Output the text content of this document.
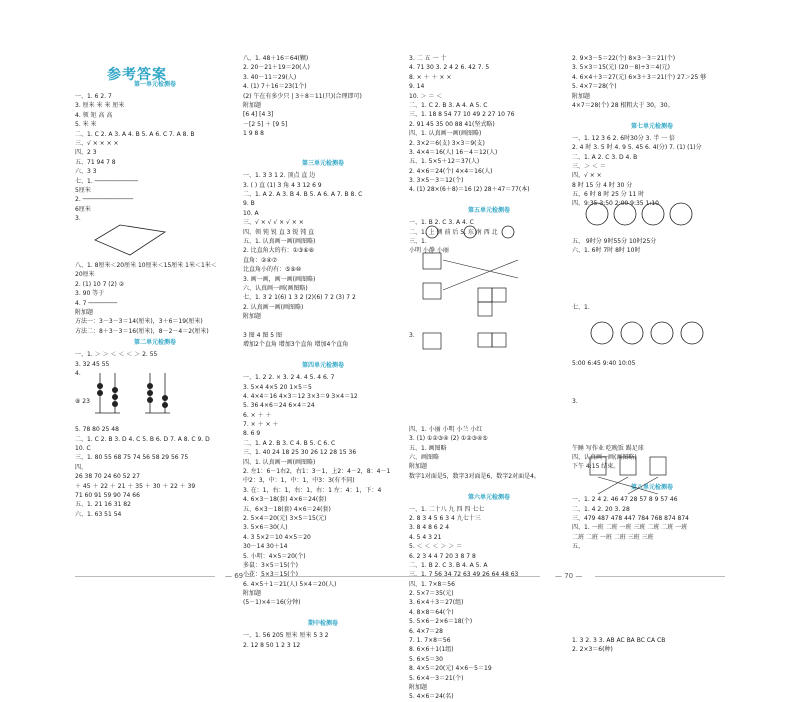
参考答案
第一单元检测卷
一、1. 6 2. 7
3. 厘米 米 米 厘米
4. 领 矩 高 高
5. 米 米
二、1. C 2. A 3. A 4. B 5. A 6. C 7. A 8. B
三、√ × × × ×
四、2 3
五、71 94 7 8
六、3 3
七、1. ────────────
5厘米
2. ──────────────
6厘米
3.
八、1. 8厘米＜20厘米 10厘米＜15厘米 1米＜1米＜
20厘米
2. (1) 10 7 (2) ②
3. 90 等于
4. 7 ────────
附加题
方法一：3－3－3＝14(厘米)，3＋6＝19(厘米)
方法二：8＋3－3＝16(厘米)，8－2－4＝2(厘米)
第二单元检测卷
一、1. ＞ ＞ ＜ ＜ ＜ ＞ 2. 55
3. 32 45 55
4.
⑧ 23
5. 78 80 25 48
二、1. C 2. B 3. D 4. C 5. B 6. D 7. A 8. C 9. D
10. C
三、1. 80 55 68 75 74 56 58 29 56 75
四、
26 38 70 24 60 52 27
＋ 45 ＋ 22 ＋ 21 ＋ 35 ＋ 30 ＋ 22 ＋ 39
71 60 91 59 90 74 66
五、1. 21 16 31 82
六、1. 63 51 54
八、1. 48＋16＝64(颗)
2. 20－21＋19＝20(人)
3. 40－11＝29(人)
4. (1) 7＋16＝23(1个)
(2) 午在有多少只 | 3＋8＝11(只)(合理即可)
附加题
[6 4] [4 3]
－[2 5] ＋ [9 5]
1 9 8 8
第三单元检测卷
一、1. 3 3 1 2. 顶点 直 边
3. ( ) 直 (1) 3 角 4 3 12 6 9
二、1. A 2. A 3. B 4. B 5. A 6. A 7. B 8. C
9. B
10. A
三、√ × √ √ × √ × ×
四、领 钝 锐 直 3 锐 钝 直
五、1. 认真画一画(画图略)
2. 比直角大的有：①③⑥⑧
直角：②④⑦
比直角小的有：⑤⑨⑩
3. 画一画，画一画(画图略)
六、认真画一画(画图略)
七、1. 3 2 1(6) 1 3 2 (2)(6) 7 2 (3) 7 2
2. 认真画一画(画图略)
附加题
3 图 4 图 5 图
增加2个直角 增加3个直角 增加4个直角
第四单元检测卷
一、1. 2 2. × 3. 2 4. 4 5. 4 6. 7
3. 5×4 4×5 20 1×5＝5
4. 4×4＝16 4×3＝12 3×3＝9 3×4＝12
5. 36 4×6＝24 6×4＝24
6. × ＋ ＋
7. × ＋ × ＋
8. 6 9
二、1. A 2. B 3. C 4. B 5. C 6. C
三、1. 40 24 18 25 30 26 12 28 15 36
四、1. 认真画一画(画图略)
2. 左1：6－1右2，右1：3－1，上2：4－2，8：4－1
中2：3，中：1，中：1，中3：3(有不同)
3. 在：1，右：1，右：1，右：1 左：4：1，下：4
4. 6×3－18(套) 4×6＝24(套)
五、6×3－18(套) 4×6＝24(套)
2. 5×4＝20(元) 3×5＝15(元)
3. 5×6＝30(人)
4. 3 5×2＝10 4×5＝20
30－14 30＋14
5. 小明：4×5＝20(个)
多鼠：3×5＝15(个)
小花：5×3＝15(个)
6. 4×5＋1＝21(人) 5×4＝20(人)
附加题
(5－1)×4＝16(分钟)
期中检测卷
一、1. 56 205 厘米 厘米 5 3 2
2. 12 8 50 1 2 3 12
3. 二 五 一 十
4. 71 30 3. 2 4 2 6. 42 7. 5
8. × ＋ ＋ × ×
9. 14
10. ＞ ＝ ＜
二、1. C 2. B 3. A 4. A 5. C
三、1. 18 8 54 77 10 49 2 27 10 76
2. 91 45 35 00 88 41(坚式略)
四、1. 认真画一画(画图略)
2. 3×2＝6(支) 3×3＝9(支)
3. 4×4＝16(人) 16－4＝12(人)
五、1. 5×5＋12＝37(人)
2. 4×6＝24(个) 4×4＝16(人)
3. 3×5－3＝12(个)
4. (1) 28×(6＋8)＝16 (2) 28＋47＝77(本)
第五单元检测卷
一、1. B 2. C 3. A 4. C
二、1. 上 侧 前 后 5. 东 南 西 北
三、1.
小明 小静 小丽
3.
四、1. 小丽 小明 小兰 小红
3. (1) ①②③④ (2) ①②③④⑤
五、1. 画图略
六、画图略
附加题
数字1对面是5，数字3对面是6，数字2对面是4。
第六单元检测卷
一、1. 二十八 九 四 四 七七
2. 8 3 4 5 6 3 4 九七十三
3. 8 4 8 6 2 4
4. 5 4 3 21
5. ＜ ＜ ＜ ＞ ＞ ＝
6. 2 3 4 4 7 20 3 8 7 8
二、1. B 2. C 3. B 4. A 5. A
三、1. 7 56 34 72 63 49 26 64 48 63
四、1. 7×8＝56
2. 5×7＝35(元)
3. 6×4＋3＝27(组)
4. 8×8＝64(个)
5. 5×6－2×6＝18(个)
6. 4×7＝28
7. 1. 7×8＝56
8. 6×6＋1(1组)
5. 6×5＝30
8. 4×5＝20(元) 4×6－5＝19
5. 6×4－3＝21(个)
附加题
5. 4×6＝24(名)
2. 9×3－5＝22(个) 8×3－3＝21(个)
3. 5×3＝15(元) (20－8)÷3＝4(元)
4. 6×4＋3＝27(元) 6×3＋3＝21(个) 27＞25 够
5. 4×7＝28(个)
附加题
4×7＝28(个) 28 根粗大于 30，30。
第七单元检测卷
一、1. 12 3 6 2. 6时30分 3. 半 一 倍
2. 4 时 3. 5 时 4. 9 5. 45 6. 4(分) 7. (1) (1)分
二、1. A 2. C 3. D 4. B
三、＞ ＜ ＝
四、√ × ×
8 时 15 分 4 时 30 分
五、6 时 8 时 25 分 11 时
四、9:35 3:50 2:00 9:35 1:10
五、 9时分 9时55分 10时25分
六、1. 6时 7时 8时 10时
七、1.
5:00 6:45 9:40 10:05
3.
午睡 写作业 吃晚饭 踢足球
四、认真画一画(画图略)
下午 4:15 结束。
第八单元检测卷
一、1. 2 4 2. 46 47 28 57 8 9 57 46
二、1. 4 2. 20 3. 28
三、479 487 478 447 784 768 874 874
四、1. 一班 二班 一班 三班 二班 二班 一班
二班 二班 一班 二班 三班 三班
五、
1. 3 2. 3 3. AB AC BA BC CA CB
2. 2×3＝6(种)
— 69 —	— 70 —
